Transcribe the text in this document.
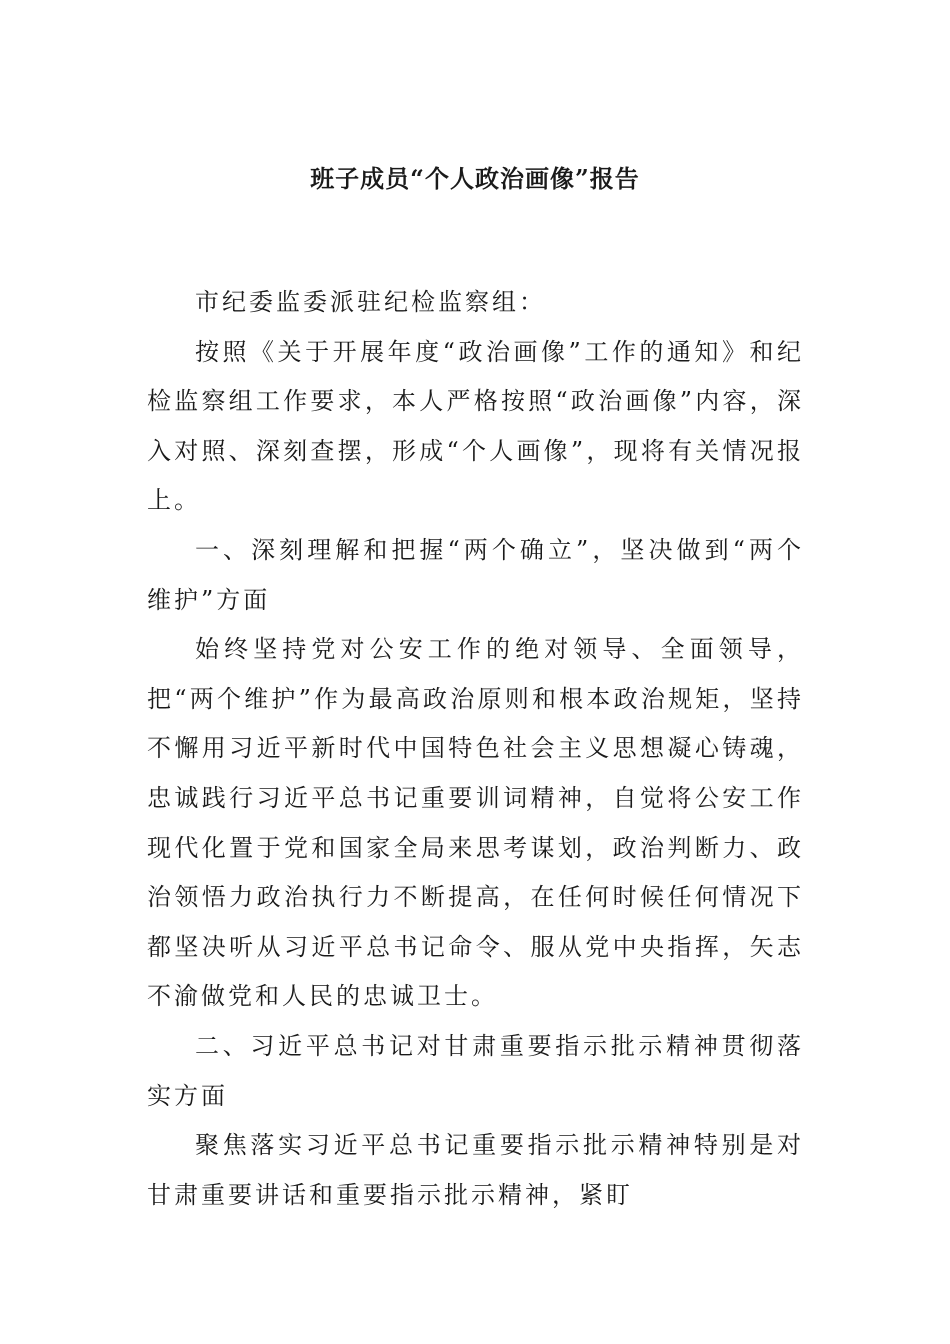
班子成员“个人政治画像”报告

市纪委监委派驻纪检监察组：

按照《关于开展年度“政治画像”工作的通知》和纪检监察组工作要求，本人严格按照“政治画像”内容，深入对照、深刻查摆，形成“个人画像”，现将有关情况报上。

一、深刻理解和把握“两个确立”，坚决做到“两个维护”方面

始终坚持党对公安工作的绝对领导、全面领导，把“两个维护”作为最高政治原则和根本政治规矩，坚持不懈用习近平新时代中国特色社会主义思想凝心铸魂，忠诚践行习近平总书记重要训词精神，自觉将公安工作现代化置于党和国家全局来思考谋划，政治判断力、政治领悟力政治执行力不断提高，在任何时候任何情况下都坚决听从习近平总书记命令、服从党中央指挥，矢志不渝做党和人民的忠诚卫士。

二、习近平总书记对甘肃重要指示批示精神贯彻落实方面

聚焦落实习近平总书记重要指示批示精神特别是对甘肃重要讲话和重要指示批示精神，紧盯
